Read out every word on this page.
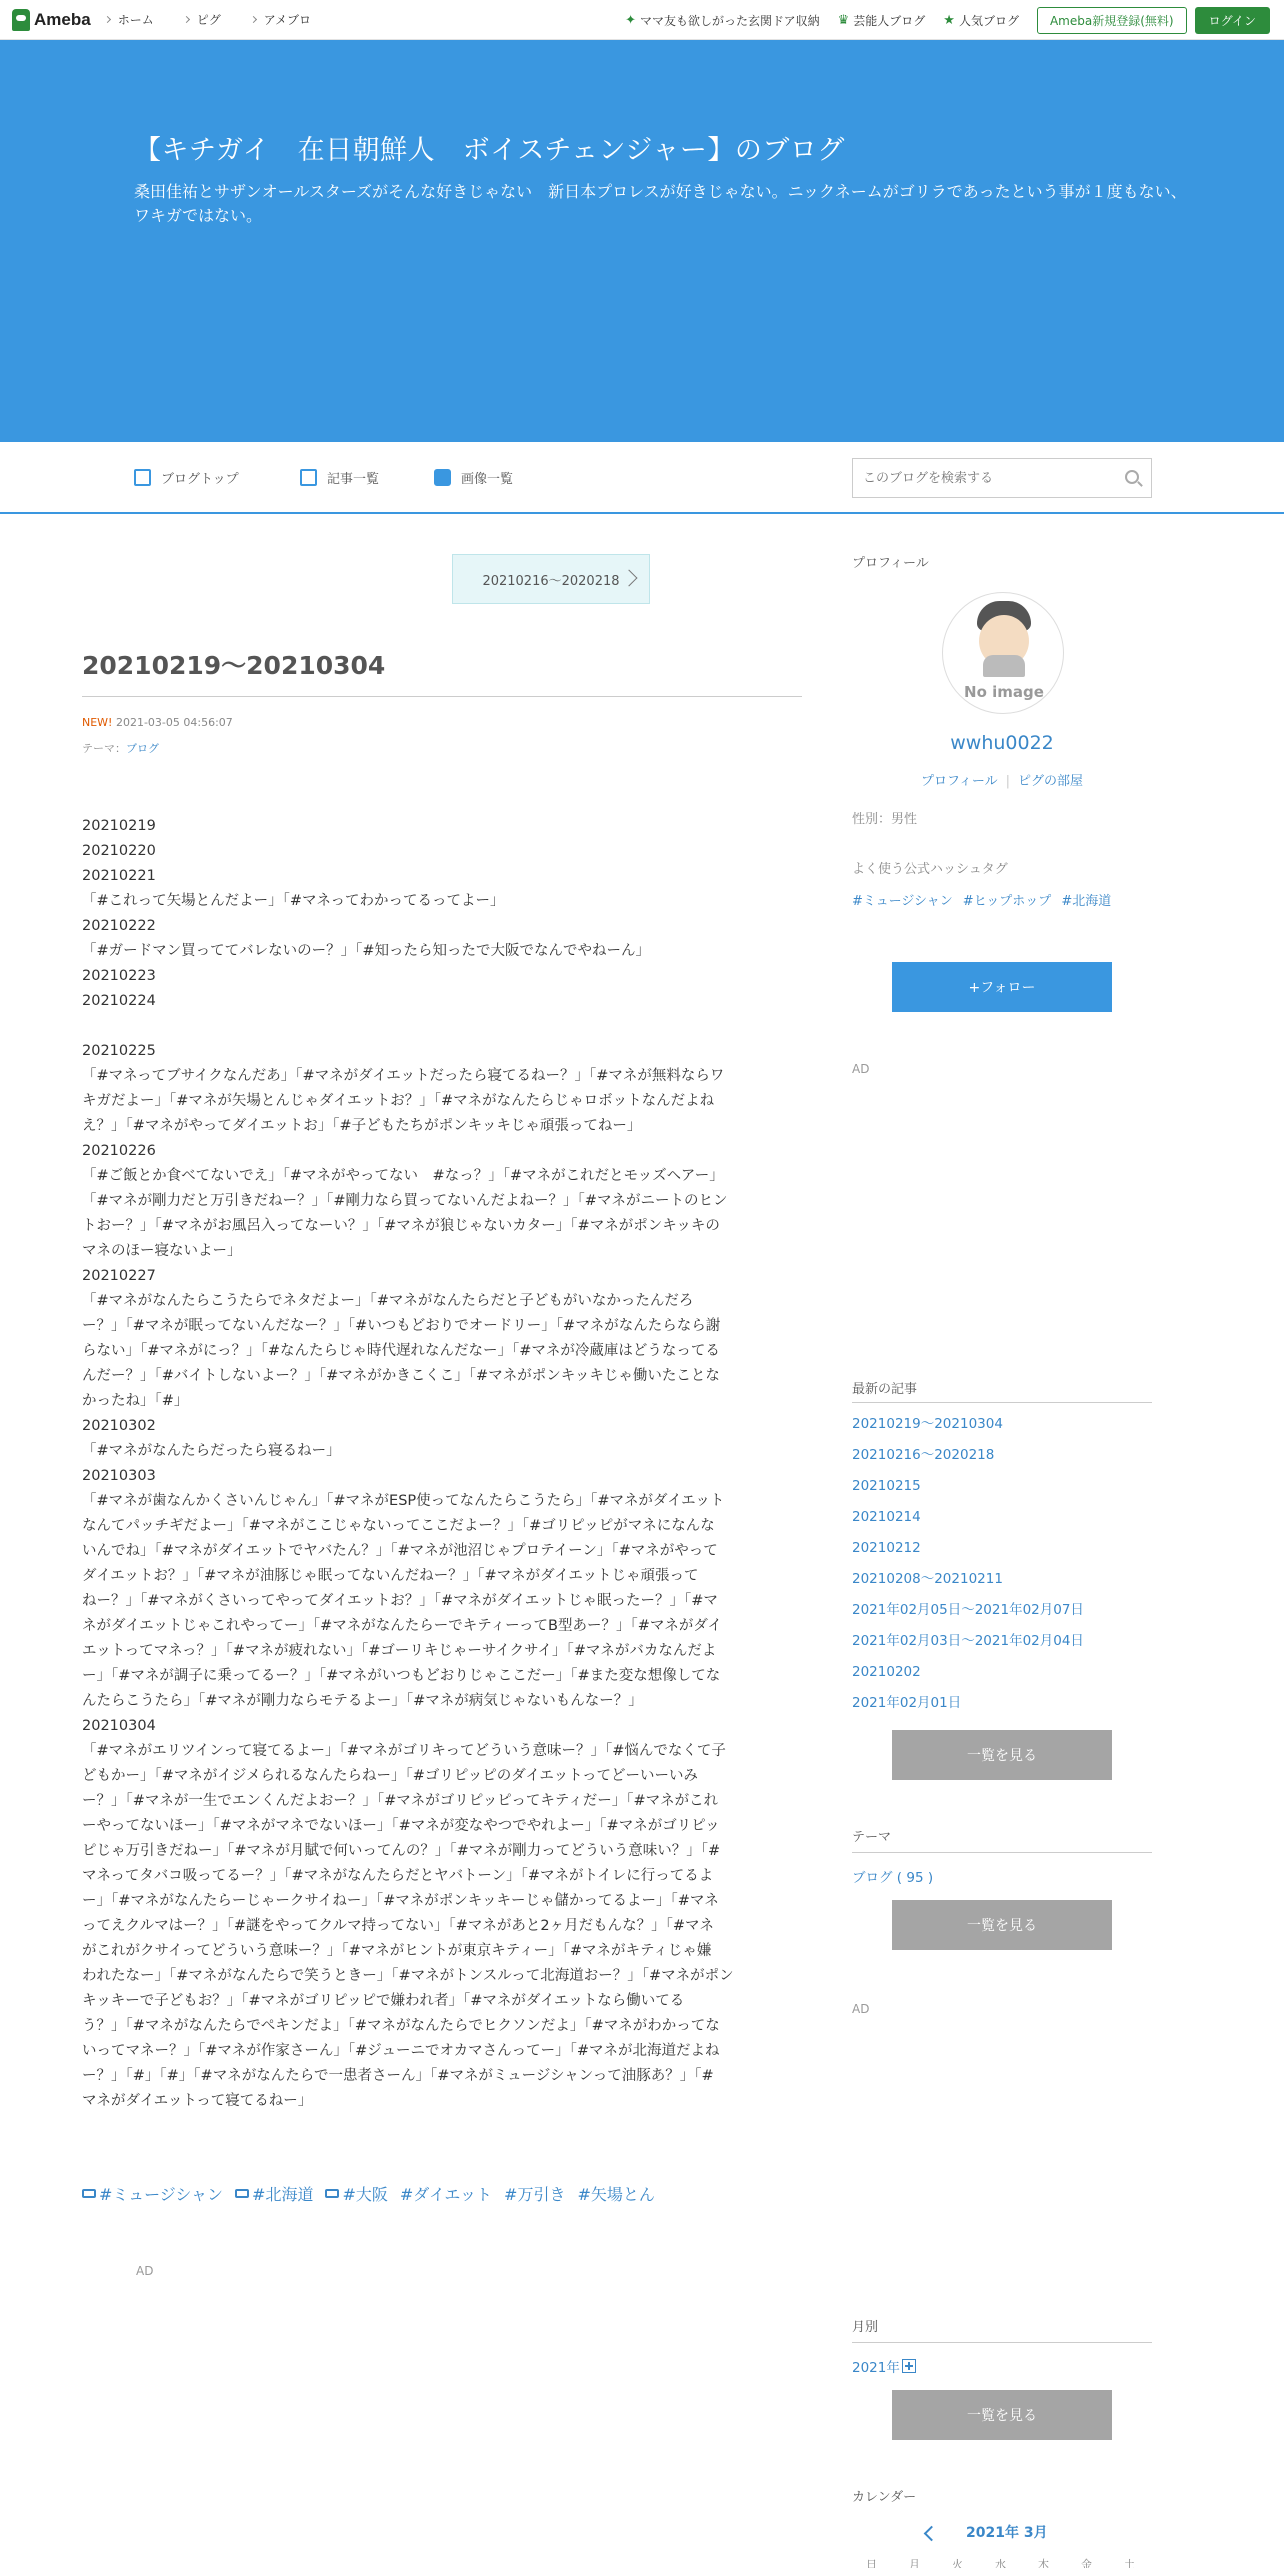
Ameba ホーム	ピグ	アメブロ	✦ ママ友も欲しがった玄関ドア収納 ♛ 芸能人ブログ ★ 人気ブログ	Ameba新規登録(無料)	ログイン
【キチガイ　在日朝鮮人　ボイスチェンジャー】のブログ

桑田佳祐とサザンオールスターズがそんな好きじゃない　新日本プロレスが好きじゃない。ニックネームがゴリラであったという事が１度もない、ワキガではない。

ブログトップ	記事一覧	画像一覧
このブログを検索する
20210216～2020218
20210219～20210304
NEW! 2021-03-05 04:56:07
テーマ：ブログ
20210219
20210220
20210221
「#これって矢場とんだよー」「#マネってわかってるってよー」
20210222
「#ガードマン買っててバレないのー？」「#知ったら知ったで大阪でなんでやねーん」
20210223
20210224
20210225
「#マネってブサイクなんだあ」「#マネがダイエットだったら寝てるねー？」「#マネが無料ならワ
キガだよー」「#マネが矢場とんじゃダイエットお？」「#マネがなんたらじゃロボットなんだよね
え？」「#マネがやってダイエットお」「#子どもたちがポンキッキじゃ頑張ってねー」
20210226
「#ご飯とか食べてないでえ」「#マネがやってない　#なっ？」「#マネがこれだとモッズヘアー」
「#マネが剛力だと万引きだねー？」「#剛力なら買ってないんだよねー？」「#マネがニートのヒン
トおー？」「#マネがお風呂入ってなーい？」「#マネが狼じゃないカター」「#マネがポンキッキの
マネのほー寝ないよー」
20210227
「#マネがなんたらこうたらでネタだよー」「#マネがなんたらだと子どもがいなかったんだろ
ー？」「#マネが眠ってないんだなー？」「#いつもどおりでオードリー」「#マネがなんたらなら謝
らない」「#マネがにっ？」「#なんたらじゃ時代遅れなんだなー」「#マネが冷蔵庫はどうなってる
んだー？」「#バイトしないよー？」「#マネがかきこくこ」「#マネがポンキッキじゃ働いたことな
かったね」「#」
20210302
「#マネがなんたらだったら寝るねー」
20210303
「#マネが歯なんかくさいんじゃん」「#マネがESP使ってなんたらこうたら」「#マネがダイエット
なんてパッチギだよー」「#マネがここじゃないってここだよー？」「#ゴリピッピがマネになんな
いんでね」「#マネがダイエットでヤバたん？」「#マネが池沼じゃプロテイーン」「#マネがやって
ダイエットお？」「#マネが油豚じゃ眠ってないんだねー？」「#マネがダイエットじゃ頑張って
ねー？」「#マネがくさいってやってダイエットお？」「#マネがダイエットじゃ眠ったー？」「#マ
ネがダイエットじゃこれやってー」「#マネがなんたらーでキティーってB型あー？」「#マネがダイ
エットってマネっ？」「#マネが疲れない」「#ゴーリキじゃーサイクサイ」「#マネがバカなんだよ
ー」「#マネが調子に乗ってるー？」「#マネがいつもどおりじゃここだー」「#また変な想像してな
んたらこうたら」「#マネが剛力ならモテるよー」「#マネが病気じゃないもんなー？」
20210304
「#マネがエリツインって寝てるよー」「#マネがゴリキってどういう意味ー？」「#悩んでなくて子
どもかー」「#マネがイジメられるなんたらねー」「#ゴリピッピのダイエットってどーいーいみ
ー？」「#マネが一生でエンくんだよおー？」「#マネがゴリピッピってキティだー」「#マネがこれ
ーやってないほー」「#マネがマネでないほー」「#マネが変なやつでやれよー」「#マネがゴリピッ
ピじゃ万引きだねー」「#マネが月賦で何いってんの？」「#マネが剛力ってどういう意味い？」「#
マネってタバコ吸ってるー？」「#マネがなんたらだとヤバトーン」「#マネがトイレに行ってるよ
ー」「#マネがなんたらーじゃークサイねー」「#マネがポンキッキーじゃ儲かってるよー」「#マネ
ってえクルマはー？」「#謎をやってクルマ持ってない」「#マネがあと2ヶ月だもんな？」「#マネ
がこれがクサイってどういう意味ー？」「#マネがヒントが東京キティー」「#マネがキティじゃ嫌
われたなー」「#マネがなんたらで笑うときー」「#マネがトンスルって北海道おー？」「#マネがポン
キッキーで子どもお？」「#マネがゴリピッピで嫌われ者」「#マネがダイエットなら働いてる
う？」「#マネがなんたらでぺキンだよ」「#マネがなんたらでヒクソンだよ」「#マネがわかってな
いってマネー？」「#マネが作家さーん」「#ジューニでオカマさんってー」「#マネが北海道だよね
ー？」「#」「#」「#マネがなんたらで一患者さーん」「#マネがミュージシャンって油豚あ？」「#
マネがダイエットって寝てるねー」
#ミュージシャン #北海道 #大阪 #ダイエット #万引き #矢場とん
AD
プロフィール
No image
wwhu0022
プロフィール | ピグの部屋
性別：男性
よく使う公式ハッシュタグ
#ミュージシャン #ヒップホップ #北海道
+フォロー
AD
最新の記事
20210219～20210304
20210216～2020218
20210215
20210214
20210212
20210208～20210211
2021年02月05日～2021年02月07日
2021年02月03日～2021年02月04日
20210202
2021年02月01日
一覧を見る
テーマ
ブログ ( 95 )
一覧を見る
AD
月別
2021年
一覧を見る
カレンダー
2021年 3月
日	月	火	水	木	金	土
